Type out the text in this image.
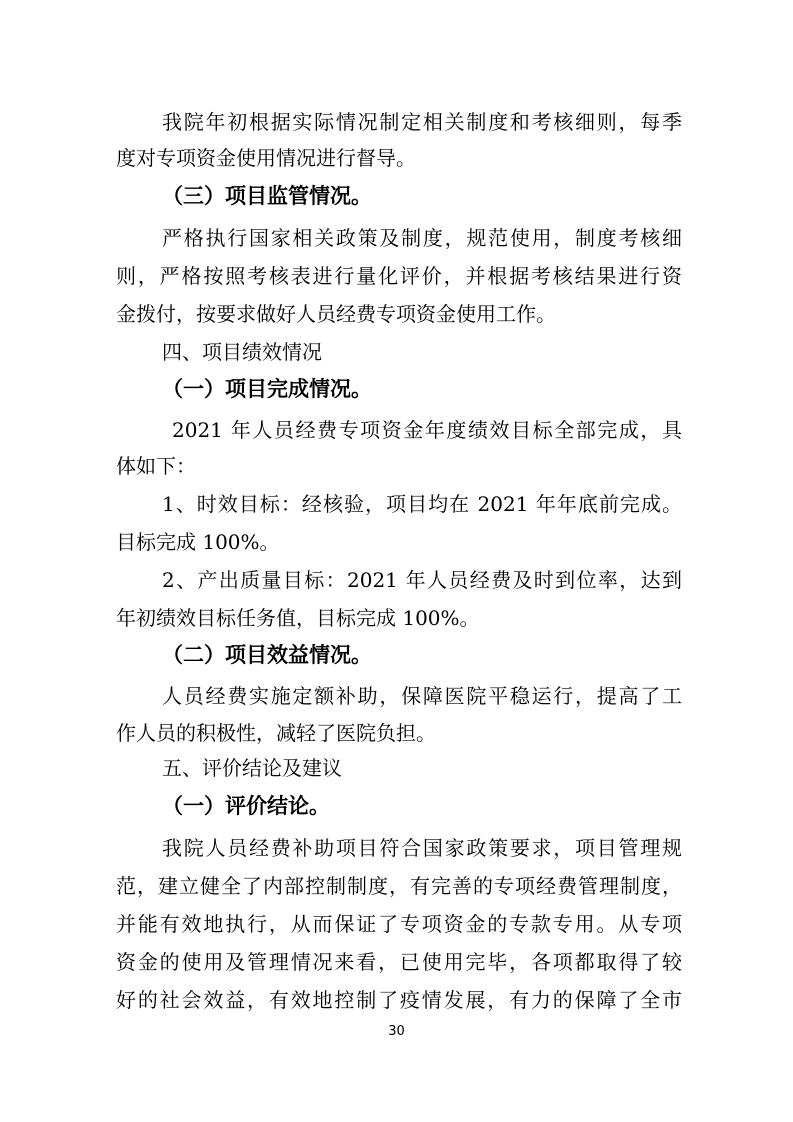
我院年初根据实际情况制定相关制度和考核细则，每季
度对专项资金使用情况进行督导。
（三）项目监管情况。
严格执行国家相关政策及制度，规范使用，制度考核细
则，严格按照考核表进行量化评价，并根据考核结果进行资
金拨付，按要求做好人员经费专项资金使用工作。
四、项目绩效情况
（一）项目完成情况。
2021 年人员经费专项资金年度绩效目标全部完成，具
体如下：
1、时效目标：经核验，项目均在 2021 年年底前完成。
目标完成 100%。
2、产出质量目标：2021 年人员经费及时到位率，达到
年初绩效目标任务值，目标完成 100%。
（二）项目效益情况。
人员经费实施定额补助，保障医院平稳运行，提高了工
作人员的积极性，减轻了医院负担。
五、评价结论及建议
（一）评价结论。
我院人员经费补助项目符合国家政策要求，项目管理规
范，建立健全了内部控制制度，有完善的专项经费管理制度，
并能有效地执行，从而保证了专项资金的专款专用。从专项
资金的使用及管理情况来看，已使用完毕，各项都取得了较
好的社会效益，有效地控制了疫情发展，有力的保障了全市
30
